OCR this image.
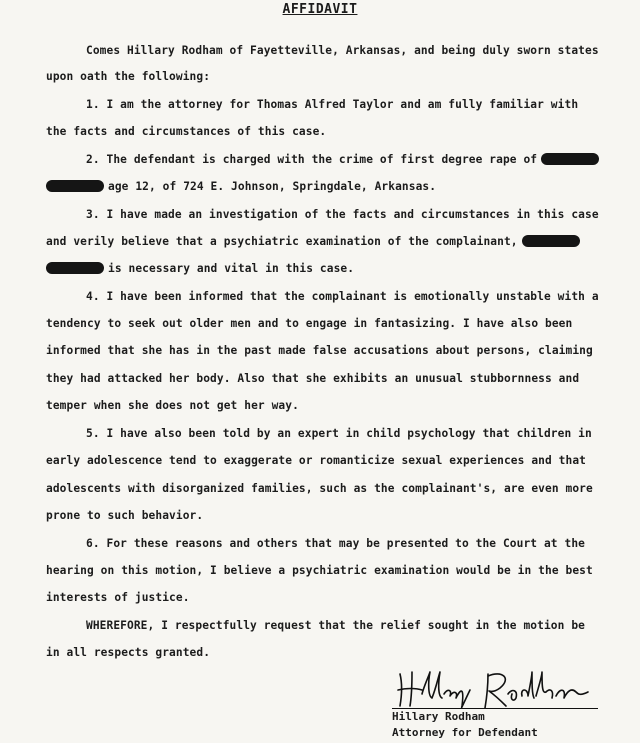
AFFIDAVIT
Comes Hillary Rodham of Fayetteville, Arkansas, and being duly sworn states
upon oath the following:
1. I am the attorney for Thomas Alfred Taylor and am fully familiar with
the facts and circumstances of this case.
2. The defendant is charged with the crime of first degree rape of
age 12, of 724 E. Johnson, Springdale, Arkansas.
3. I have made an investigation of the facts and circumstances in this case
and verily believe that a psychiatric examination of the complainant,
is necessary and vital in this case.
4. I have been informed that the complainant is emotionally unstable with a
tendency to seek out older men and to engage in fantasizing. I have also been
informed that she has in the past made false accusations about persons, claiming
they had attacked her body. Also that she exhibits an unusual stubbornness and
temper when she does not get her way.
5. I have also been told by an expert in child psychology that children in
early adolescence tend to exaggerate or romanticize sexual experiences and that
adolescents with disorganized families, such as the complainant's, are even more
prone to such behavior.
6. For these reasons and others that may be presented to the Court at the
hearing on this motion, I believe a psychiatric examination would be in the best
interests of justice.
WHEREFORE, I respectfully request that the relief sought in the motion be
in all respects granted.
Hillary Rodham
Attorney for Defendant
